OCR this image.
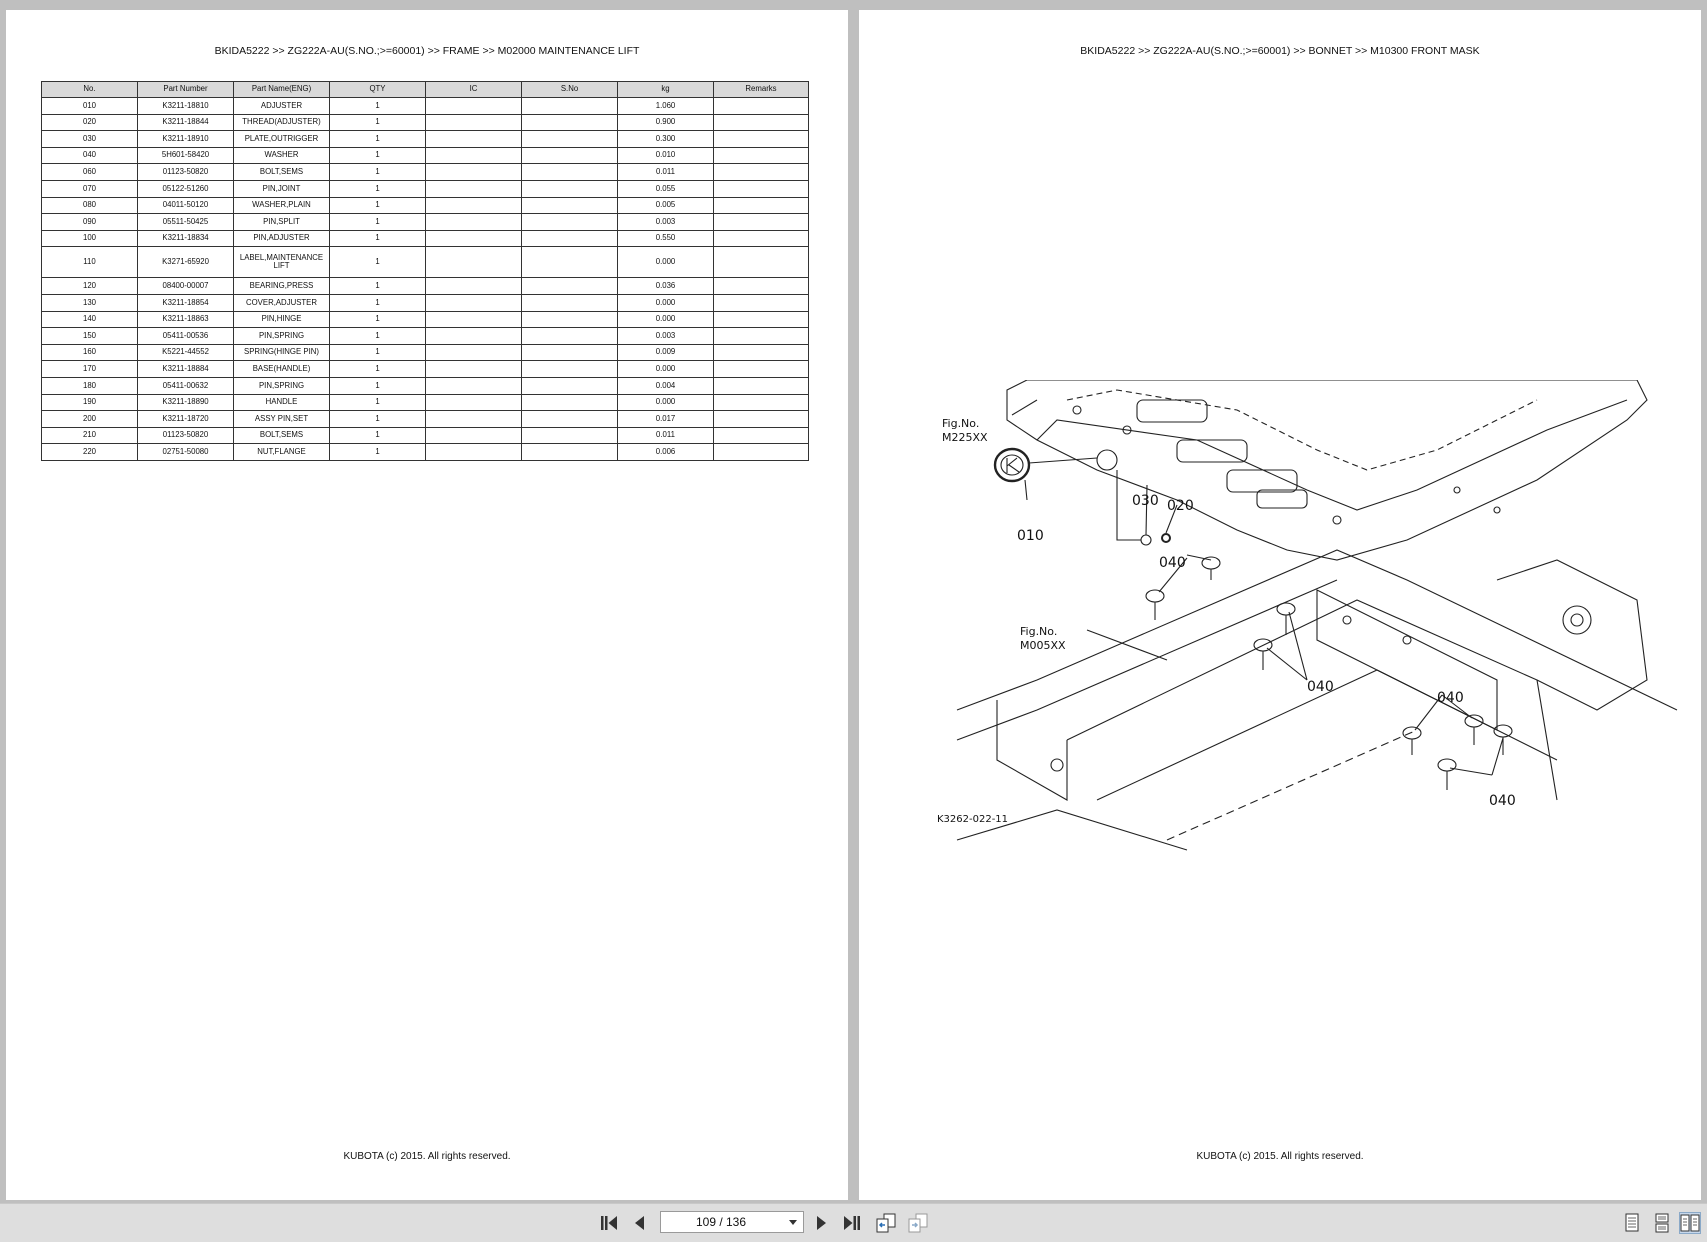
BKIDA5222 >> ZG222A-AU(S.NO.;>=60001) >> FRAME >> M02000 MAINTENANCE LIFT
No.	Part Number	Part Name(ENG)	QTY	IC	S.No	kg	Remarks
010	K3211-18810	ADJUSTER	1			1.060	
020	K3211-18844	THREAD(ADJUSTER)	1			0.900	
030	K3211-18910	PLATE,OUTRIGGER	1			0.300	
040	5H601-58420	WASHER	1			0.010	
060	01123-50820	BOLT,SEMS	1			0.011	
070	05122-51260	PIN,JOINT	1			0.055	
080	04011-50120	WASHER,PLAIN	1			0.005	
090	05511-50425	PIN,SPLIT	1			0.003	
100	K3211-18834	PIN,ADJUSTER	1			0.550	
110	K3271-65920	LABEL,MAINTENANCE LIFT	1			0.000	
120	08400-00007	BEARING,PRESS	1			0.036	
130	K3211-18854	COVER,ADJUSTER	1			0.000	
140	K3211-18863	PIN,HINGE	1			0.000	
150	05411-00536	PIN,SPRING	1			0.003	
160	K5221-44552	SPRING(HINGE PIN)	1			0.009	
170	K3211-18884	BASE(HANDLE)	1			0.000	
180	05411-00632	PIN,SPRING	1			0.004	
190	K3211-18890	HANDLE	1			0.000	
200	K3211-18720	ASSY PIN,SET	1			0.017	
210	01123-50820	BOLT,SEMS	1			0.011	
220	02751-50080	NUT,FLANGE	1			0.006	
KUBOTA (c) 2015. All rights reserved.
BKIDA5222 >> ZG222A-AU(S.NO.;>=60001) >> BONNET >> M10300 FRONT MASK
Fig.No.
M225XX
Fig.No.
M005XX
010
030 020
040
040
040
040
K3262-022-11
KUBOTA (c) 2015. All rights reserved.
109 / 136
